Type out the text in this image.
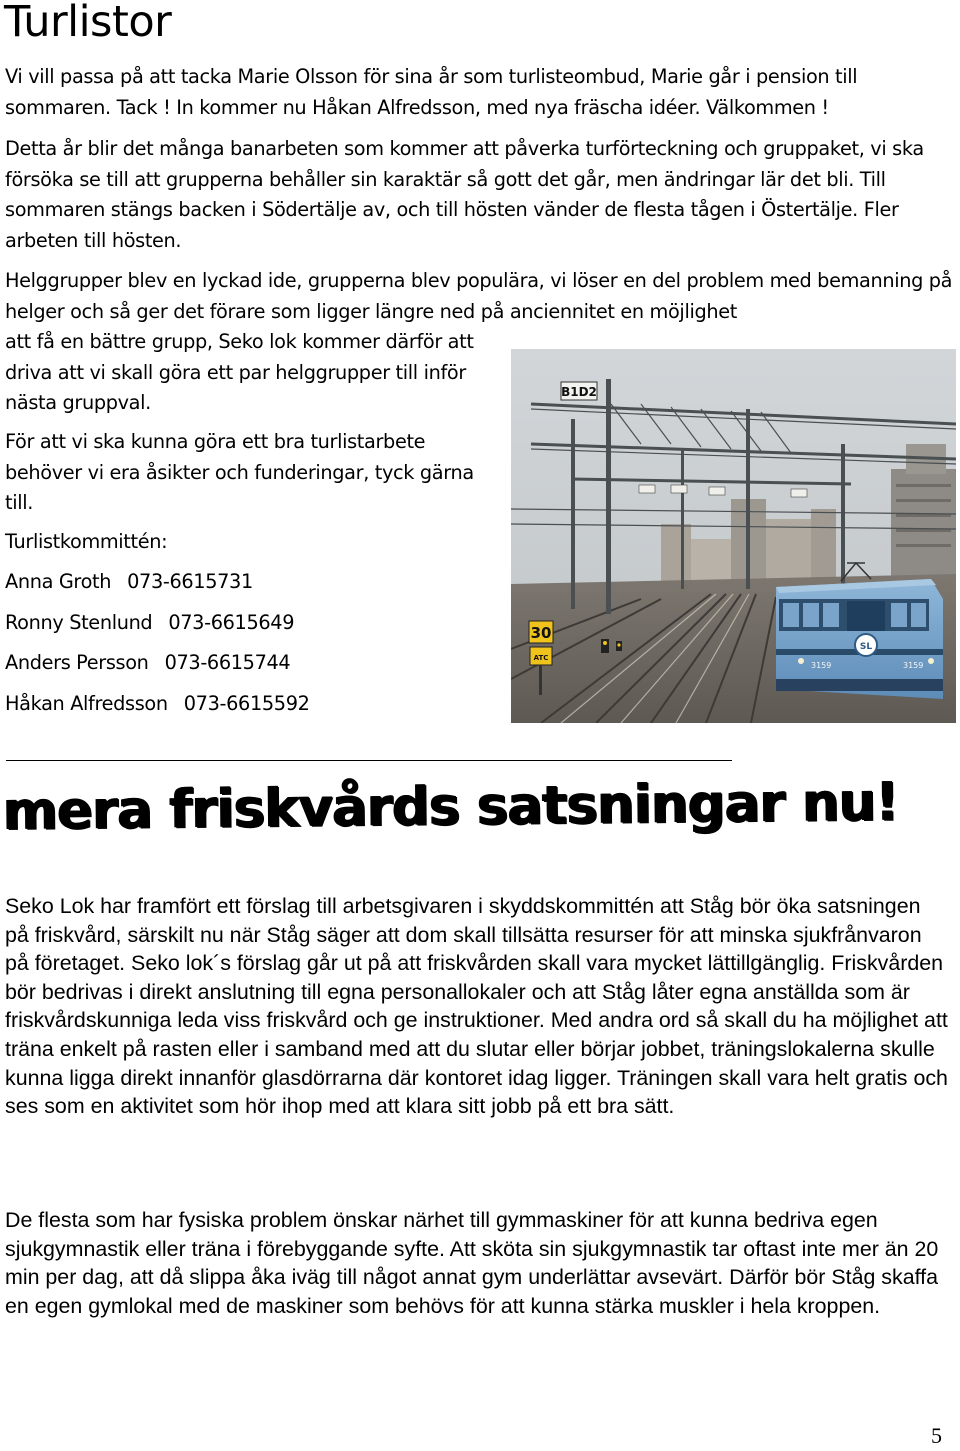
Turlistor

Vi vill passa på att tacka Marie Olsson för sina år som turlisteombud, Marie går i pension till sommaren. Tack ! In kommer nu Håkan Alfredsson, med nya fräscha idéer. Välkommen !

Detta år blir det många banarbeten som kommer att påverka turförteckning och gruppaket, vi ska försöka se till att grupperna behåller sin karaktär så gott det går, men ändringar lär det bli. Till sommaren stängs backen i Södertälje av, och till hösten vänder de flesta tågen i Östertälje. Fler arbeten till hösten.

Helggrupper blev en lyckad ide, grupperna blev populära, vi löser en del problem med bemanning på helger och så ger det förare som ligger längre ned på anciennitet en möjlighet

att få en bättre grupp, Seko lok kommer därför att driva att vi skall göra ett par helggrupper till inför nästa gruppval.

För att vi ska kunna göra ett bra turlistarbete behöver vi era åsikter och funderingar, tyck gärna till.

Turlistkommittén:

Anna Groth 073-6615731
Ronny Stenlund 073-6615649
Anders Persson 073-6615744
Håkan Alfredsson 073-6615592
B1D2
30
ATC
SL
3159	3159
mera friskvårds satsningar nu!

Seko Lok har framfört ett förslag till arbetsgivaren i skyddskommittén att Ståg bör öka satsningen på friskvård, särskilt nu när Ståg säger att dom skall tillsätta resurser för att minska sjukfrånvaron på företaget. Seko lok´s förslag går ut på att friskvården skall vara mycket lättillgänglig. Friskvården bör bedrivas i direkt anslutning till egna personallokaler och att Ståg låter egna anställda som är friskvårdskunniga leda viss friskvård och ge instruktioner. Med andra ord så skall du ha möjlighet att träna enkelt på rasten eller i samband med att du slutar eller börjar jobbet, träningslokalerna skulle kunna ligga direkt innanför glasdörrarna där kontoret idag ligger. Träningen skall vara helt gratis och ses som en aktivitet som hör ihop med att klara sitt jobb på ett bra sätt.

De flesta som har fysiska problem önskar närhet till gymmaskiner för att kunna bedriva egen sjukgymnastik eller träna i förebyggande syfte. Att sköta sin sjukgymnastik tar oftast inte mer än 20 min per dag, att då slippa åka iväg till något annat gym underlättar avsevärt. Därför bör Ståg skaffa en egen gymlokal med de maskiner som behövs för att kunna stärka muskler i hela kroppen.

5
